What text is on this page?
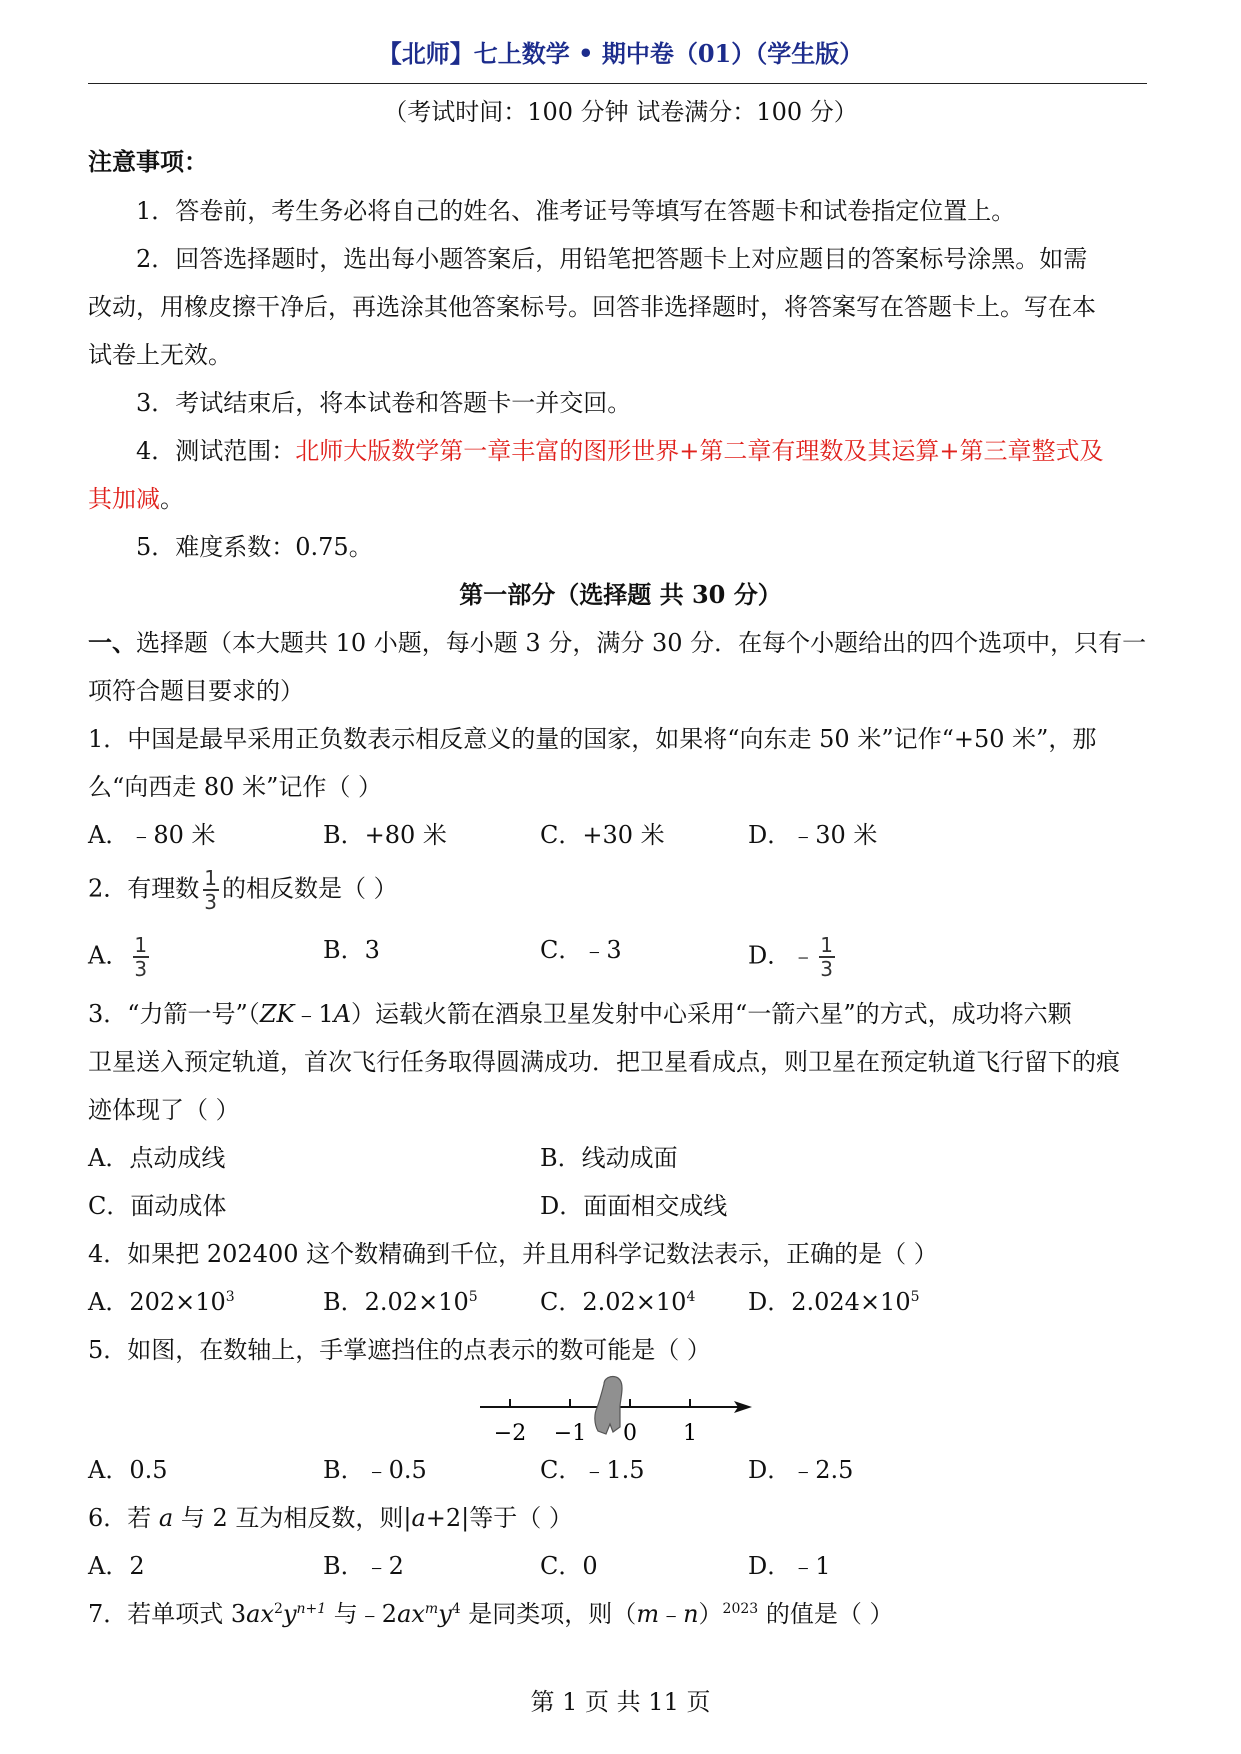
【北师】七上数学 • 期中卷（01）（学生版）
（考试时间：100 分钟 试卷满分：100 分）
注意事项：
1．答卷前，考生务必将自己的姓名、准考证号等填写在答题卡和试卷指定位置上。
2．回答选择题时，选出每小题答案后，用铅笔把答题卡上对应题目的答案标号涂黑。如需
改动，用橡皮擦干净后，再选涂其他答案标号。回答非选择题时，将答案写在答题卡上。写在本
试卷上无效。
3．考试结束后，将本试卷和答题卡一并交回。
4．测试范围：北师大版数学第一章丰富的图形世界+第二章有理数及其运算+第三章整式及
其加减。
5．难度系数：0.75。
第一部分（选择题 共 30 分）
一、选择题（本大题共 10 小题，每小题 3 分，满分 30 分．在每个小题给出的四个选项中，只有一
项符合题目要求的）
1．中国是最早采用正负数表示相反意义的量的国家，如果将“向东走 50 米”记作“+50 米”，那
么“向西走 80 米”记作（ ）
A．﹣80 米	B．+80 米	C．+30 米	D．﹣30 米
2．有理数 $\frac{1}{3}$ 的相反数是（ ）
A． $\frac{1}{3}$	B．3	C．﹣3	D．﹣ $\frac{1}{3}$
3．“力箭一号”（ZK﹣1A）运载火箭在酒泉卫星发射中心采用“一箭六星”的方式，成功将六颗
卫星送入预定轨道，首次飞行任务取得圆满成功．把卫星看成点，则卫星在预定轨道飞行留下的痕
迹体现了（ ）
A．点动成线	B．线动成面
C．面动成体	D．面面相交成线
4．如果把 202400 这个数精确到千位，并且用科学记数法表示，正确的是（ ）
A．$202\times 10^3$	B．$2.02\times 10^5$	C．$2.02\times 10^4$ D．$2.024\times 10^5$
5．如图，在数轴上，手掌遮挡住的点表示的数可能是（ ）
−2 −1 0 1
A．0.5	B．﹣0.5	C．﹣1.5	D．﹣2.5
6．若 a 与 2 互为相反数，则|a+2|等于（ ）
A．2	B．﹣2	C．0	D．﹣1
7．若单项式 $3ax^2y^{n+1}$ 与$﹣2ax^my^4$ 是同类项，则（m﹣n）$^{2023}$ 的值是（ ）
第 1 页 共 11 页
